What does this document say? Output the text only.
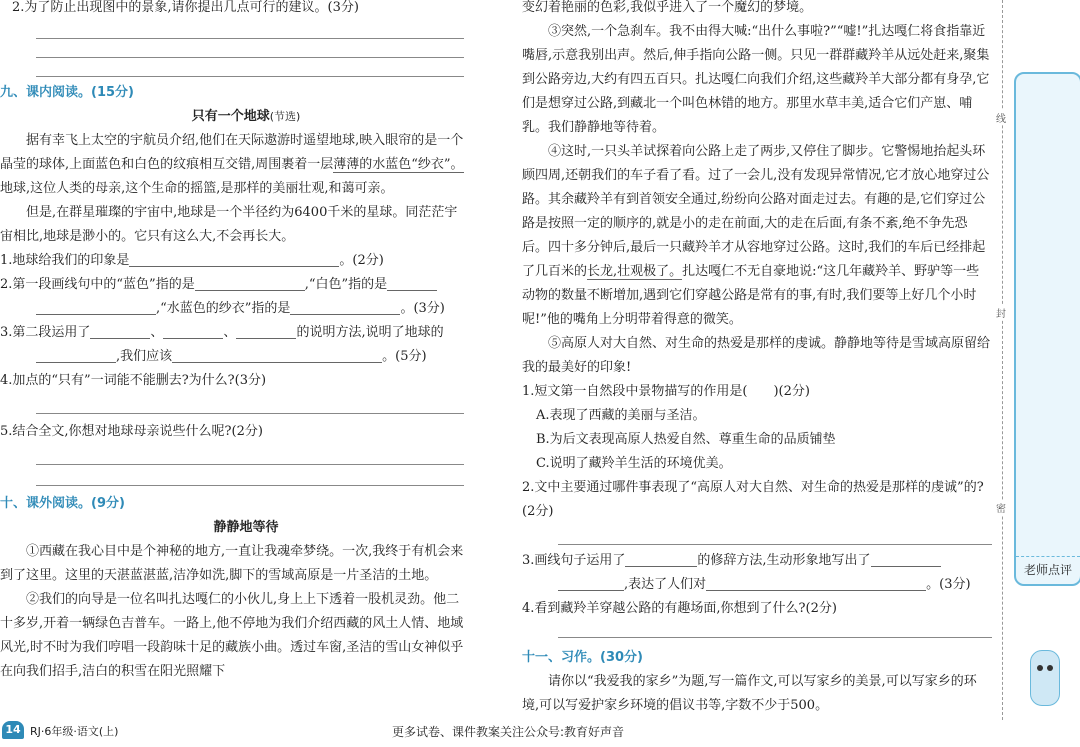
2.为了防止出现图中的景象,请你提出几点可行的建议。(3分)

九、课内阅读。(15分)

只有一个地球(节选)

据有幸飞上太空的宇航员介绍,他们在天际遨游时遥望地球,映入眼帘的是一个晶莹的球体,上面蓝色和白色的纹痕相互交错,周围裹着一层薄薄的水蓝色“纱衣”。地球,这位人类的母亲,这个生命的摇篮,是那样的美丽壮观,和蔼可亲。

但是,在群星璀璨的宇宙中,地球是一个半径约为6400千米的星球。同茫茫宇宙相比,地球是渺小的。它只有这么大,不会再长大。

1.地球给我们的印象是	。(2分)

2.第一段画线句中的“蓝色”指的是	,“白色”指的是

,“水蓝色的纱衣”指的是	。(3分)

3.第二段运用了	、	、	的说明方法,说明了地球的

,我们应该	。(5分)

4.加点的“只有”一词能不能删去?为什么?(3分)

5.结合全文,你想对地球母亲说些什么呢?(2分)

十、课外阅读。(9分)

静静地等待

①西藏在我心目中是个神秘的地方,一直让我魂牵梦绕。一次,我终于有机会来到了这里。这里的天湛蓝湛蓝,洁净如洗,脚下的雪域高原是一片圣洁的土地。

②我们的向导是一位名叫扎达嘎仁的小伙儿,身上上下透着一股机灵劲。他二十多岁,开着一辆绿色吉普车。一路上,他不停地为我们介绍西藏的风土人情、地域风光,时不时为我们哼唱一段韵味十足的藏族小曲。透过车窗,圣洁的雪山女神似乎在向我们招手,洁白的积雪在阳光照耀下

变幻着艳丽的色彩,我似乎进入了一个魔幻的梦境。

③突然,一个急刹车。我不由得大喊:“出什么事啦?”“嘘!”扎达嘎仁将食指靠近嘴唇,示意我别出声。然后,伸手指向公路一侧。只见一群群藏羚羊从远处赶来,聚集到公路旁边,大约有四五百只。扎达嘎仁向我们介绍,这些藏羚羊大部分都有身孕,它们是想穿过公路,到藏北一个叫色林错的地方。那里水草丰美,适合它们产崽、哺乳。我们静静地等待着。

④这时,一只头羊试探着向公路上走了两步,又停住了脚步。它警惕地抬起头环顾四周,还朝我们的车子看了看。过了一会儿,没有发现异常情况,它才放心地穿过公路。其余藏羚羊有到首领安全通过,纷纷向公路对面走过去。有趣的是,它们穿过公路是按照一定的顺序的,就是小的走在前面,大的走在后面,有条不紊,绝不争先恐后。四十多分钟后,最后一只藏羚羊才从容地穿过公路。这时,我们的车后已经排起了几百米的长龙,壮观极了。扎达嘎仁不无自豪地说:“这几年藏羚羊、野驴等一些动物的数量不断增加,遇到它们穿越公路是常有的事,有时,我们要等上好几个小时呢!”他的嘴角上分明带着得意的微笑。

⑤高原人对大自然、对生命的热爱是那样的虔诚。静静地等待是雪域高原留给我的最美好的印象!

1.短文第一自然段中景物描写的作用是( )(2分)

A.表现了西藏的美丽与圣洁。

B.为后文表现高原人热爱自然、尊重生命的品质铺垫

C.说明了藏羚羊生活的环境优美。

2.文中主要通过哪件事表现了“高原人对大自然、对生命的热爱是那样的虔诚”的?(2分)

3.画线句子运用了	的修辞方法,生动形象地写出了

,表达了人们对	。(3分)

4.看到藏羚羊穿越公路的有趣场面,你想到了什么?(2分)

十一、习作。(30分)

请你以“我爱我的家乡”为题,写一篇作文,可以写家乡的美景,可以写家乡的环境,可以写爱护家乡环境的倡议书等,字数不少于500。

线
封
密
老师点评
14 RJ·6年级·语文(上)	更多试卷、课件教案关注公众号:教育好声音
